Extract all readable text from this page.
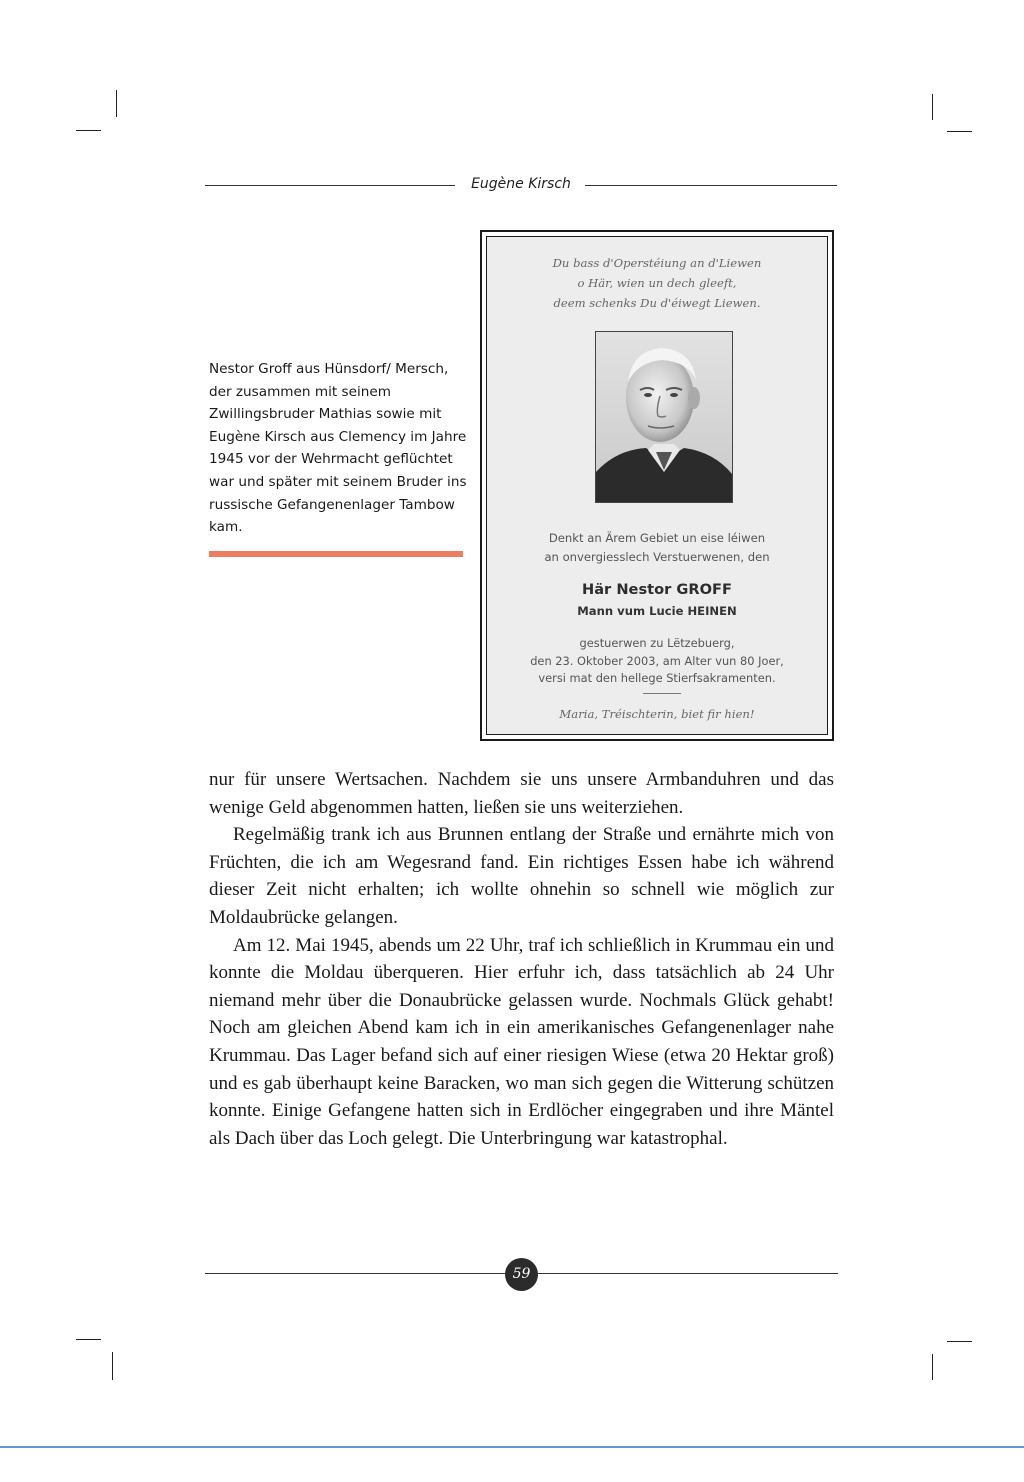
Eugène Kirsch
Nestor Groff aus Hünsdorf/ Mersch, der zusammen mit seinem Zwillingsbruder Mathias sowie mit Eugène Kirsch aus Clemency im Jahre 1945 vor der Wehrmacht geflüchtet war und später mit seinem Bruder ins russische Gefangenenlager Tambow kam.
Du bass d'Operstéiung an d'Liewen
o Här, wien un dech gleeft,
deem schenks Du d'éiwegt Liewen.
Denkt an Ärem Gebiet un eise léiwen
an onvergiesslech Verstuerwenen, den
Här Nestor GROFF
Mann vum Lucie HEINEN
gestuerwen zu Lëtzebuerg,
den 23. Oktober 2003, am Alter vun 80 Joer,
versi mat den hellege Stierfsakramenten.
Maria, Tréischterin, biet fir hien!

nur für unsere Wertsachen. Nachdem sie uns unsere Armbanduhren und das wenige Geld abgenommen hatten, ließen sie uns weiterziehen.

Regelmäßig trank ich aus Brunnen entlang der Straße und ernährte mich von Früchten, die ich am Wegesrand fand. Ein richtiges Essen habe ich während dieser Zeit nicht erhalten; ich wollte ohnehin so schnell wie möglich zur Moldaubrücke gelangen.

Am 12. Mai 1945, abends um 22 Uhr, traf ich schließlich in Krummau ein und konnte die Moldau überqueren. Hier erfuhr ich, dass tatsächlich ab 24 Uhr niemand mehr über die Donaubrücke gelassen wurde. Nochmals Glück gehabt! Noch am gleichen Abend kam ich in ein amerikanisches Gefangenenlager nahe Krummau. Das Lager befand sich auf einer riesigen Wiese (etwa 20 Hektar groß) und es gab überhaupt keine Baracken, wo man sich gegen die Witterung schützen konnte. Einige Gefangene hatten sich in Erdlöcher eingegraben und ihre Mäntel als Dach über das Loch gelegt. Die Unterbringung war katastrophal.

59
